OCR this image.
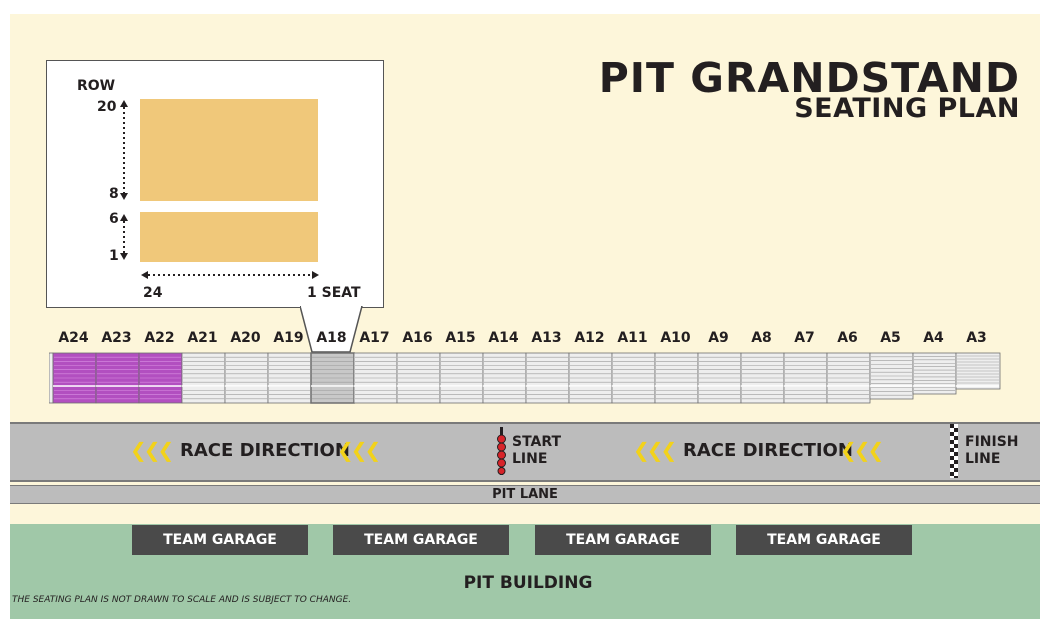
PIT GRANDSTAND
SEATING PLAN
ROW
20
8
6
1
24	1 SEAT
A24 A23 A22 A21 A20 A19 A18 A17 A16 A15 A14 A13 A12 A11 A10	A9	A8	A7	A6	A5	A4	A3
❮❮❮ RACE DIRECTION
❮❮❮	START
LINE	❮❮❮ RACE DIRECTION
❮❮❮	FINISH
LINE
PIT LANE
TEAM GARAGE	TEAM GARAGE	TEAM GARAGE	TEAM GARAGE
PIT BUILDING
THE SEATING PLAN IS NOT DRAWN TO SCALE AND IS SUBJECT TO CHANGE.
